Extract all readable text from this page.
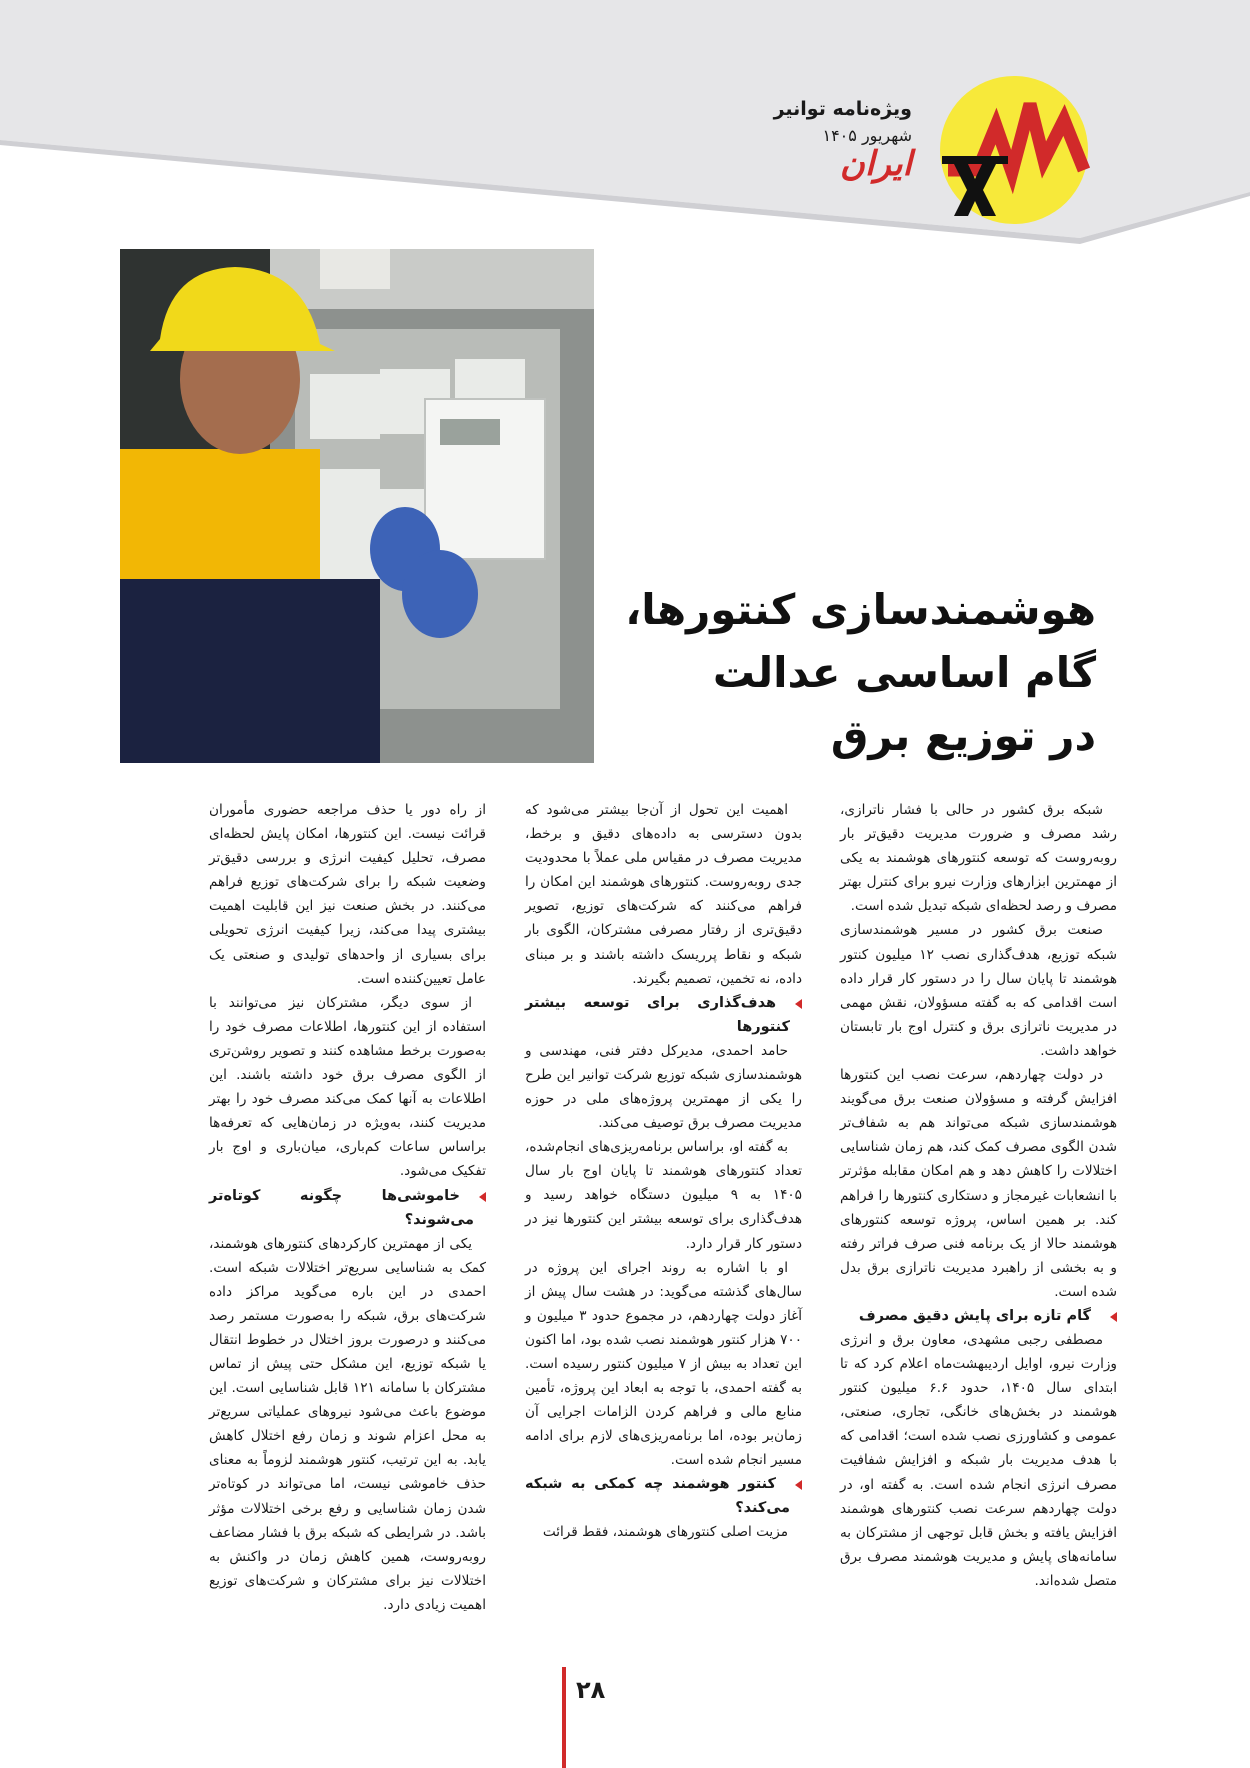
ویژه‌نامه توانیر
شهریور ۱۴۰۵
ایران
هوشمندسازی کنتورها،
گام اساسی عدالت
در توزیع برق

شبکه برق کشور در حالی با فشار ناترازی، رشد مصرف و ضرورت مدیریت دقیق‌تر بار روبه‌روست که توسعه کنتورهای هوشمند به یکی از مهمترین ابزارهای وزارت نیرو برای کنترل بهتر مصرف و رصد لحظه‌ای شبکه تبدیل شده است.

صنعت برق کشور در مسیر هوشمندسازی شبکه توزیع، هدف‌گذاری نصب ۱۲ میلیون کنتور هوشمند تا پایان سال را در دستور کار قرار داده است اقدامی که به گفته مسؤولان، نقش مهمی در مدیریت ناترازی برق و کنترل اوج بار تابستان خواهد داشت.

در دولت چهاردهم، سرعت نصب این کنتورها افزایش گرفته و مسؤولان صنعت برق می‌گویند هوشمندسازی شبکه می‌تواند هم به شفاف‌تر شدن الگوی مصرف کمک کند، هم زمان شناسایی اختلالات را کاهش دهد و هم امکان مقابله مؤثرتر با انشعابات غیرمجاز و دستکاری کنتورها را فراهم کند. بر همین اساس، پروژه توسعه کنتورهای هوشمند حالا از یک برنامه فنی صرف فراتر رفته و به بخشی از راهبرد مدیریت ناترازی برق بدل شده است.

گام تازه برای پایش دقیق مصرف

مصطفی رجبی مشهدی، معاون برق و انرژی وزارت نیرو، اوایل اردیبهشت‌ماه اعلام کرد که تا ابتدای سال ۱۴۰۵، حدود ۶.۶ میلیون کنتور هوشمند در بخش‌های خانگی، تجاری، صنعتی، عمومی و کشاورزی نصب شده است؛ اقدامی که با هدف مدیریت بار شبکه و افزایش شفافیت مصرف انرژی انجام شده است. به گفته او، در دولت چهاردهم سرعت نصب کنتورهای هوشمند افزایش یافته و بخش قابل توجهی از مشترکان به سامانه‌های پایش و مدیریت هوشمند مصرف برق متصل شده‌اند.

اهمیت این تحول از آن‌جا بیشتر می‌شود که بدون دسترسی به داده‌های دقیق و برخط، مدیریت مصرف در مقیاس ملی عملاً با محدودیت جدی روبه‌روست. کنتورهای هوشمند این امکان را فراهم می‌کنند که شرکت‌های توزیع، تصویر دقیق‌تری از رفتار مصرفی مشترکان، الگوی بار شبکه و نقاط پرریسک داشته باشند و بر مبنای داده، نه تخمین، تصمیم بگیرند.

هدف‌گذاری برای توسعه بیشتر کنتورها

حامد احمدی، مدیرکل دفتر فنی، مهندسی و هوشمندسازی شبکه توزیع شرکت توانیر این طرح را یکی از مهمترین پروژه‌های ملی در حوزه مدیریت مصرف برق توصیف می‌کند.

به گفته او، براساس برنامه‌ریزی‌های انجام‌شده، تعداد کنتورهای هوشمند تا پایان اوج بار سال ۱۴۰۵ به ۹ میلیون دستگاه خواهد رسید و هدف‌گذاری برای توسعه بیشتر این کنتورها نیز در دستور کار قرار دارد.

او با اشاره به روند اجرای این پروژه در سال‌های گذشته می‌گوید: در هشت سال پیش از آغاز دولت چهاردهم، در مجموع حدود ۳ میلیون و ۷۰۰ هزار کنتور هوشمند نصب شده بود، اما اکنون این تعداد به بیش از ۷ میلیون کنتور رسیده است. به گفته احمدی، با توجه به ابعاد این پروژه، تأمین منابع مالی و فراهم کردن الزامات اجرایی آن زمان‌بر بوده، اما برنامه‌ریزی‌های لازم برای ادامه مسیر انجام شده است.

کنتور هوشمند چه کمکی به شبکه می‌کند؟

مزیت اصلی کنتورهای هوشمند، فقط قرائت

از راه دور یا حذف مراجعه حضوری مأموران قرائت نیست. این کنتورها، امکان پایش لحظه‌ای مصرف، تحلیل کیفیت انرژی و بررسی دقیق‌تر وضعیت شبکه را برای شرکت‌های توزیع فراهم می‌کنند. در بخش صنعت نیز این قابلیت اهمیت بیشتری پیدا می‌کند، زیرا کیفیت انرژی تحویلی برای بسیاری از واحدهای تولیدی و صنعتی یک عامل تعیین‌کننده است.

از سوی دیگر، مشترکان نیز می‌توانند با استفاده از این کنتورها، اطلاعات مصرف خود را به‌صورت برخط مشاهده کنند و تصویر روشن‌تری از الگوی مصرف برق خود داشته باشند. این اطلاعات به آنها کمک می‌کند مصرف خود را بهتر مدیریت کنند، به‌ویژه در زمان‌هایی که تعرفه‌ها براساس ساعات کم‌باری، میان‌باری و اوج بار تفکیک می‌شود.

خاموشی‌ها چگونه کوتاه‌تر می‌شوند؟

یکی از مهمترین کارکردهای کنتورهای هوشمند، کمک به شناسایی سریع‌تر اختلالات شبکه است. احمدی در این باره می‌گوید مراکز داده شرکت‌های برق، شبکه را به‌صورت مستمر رصد می‌کنند و درصورت بروز اختلال در خطوط انتقال یا شبکه توزیع، این مشکل حتی پیش از تماس مشترکان با سامانه ۱۲۱ قابل شناسایی است. این موضوع باعث می‌شود نیروهای عملیاتی سریع‌تر به محل اعزام شوند و زمان رفع اختلال کاهش یابد. به این ترتیب، کنتور هوشمند لزوماً به معنای حذف خاموشی نیست، اما می‌تواند در کوتاه‌تر شدن زمان شناسایی و رفع برخی اختلالات مؤثر باشد. در شرایطی که شبکه برق با فشار مضاعف روبه‌روست، همین کاهش زمان در واکنش به اختلالات نیز برای مشترکان و شرکت‌های توزیع اهمیت زیادی دارد.

۲۸
